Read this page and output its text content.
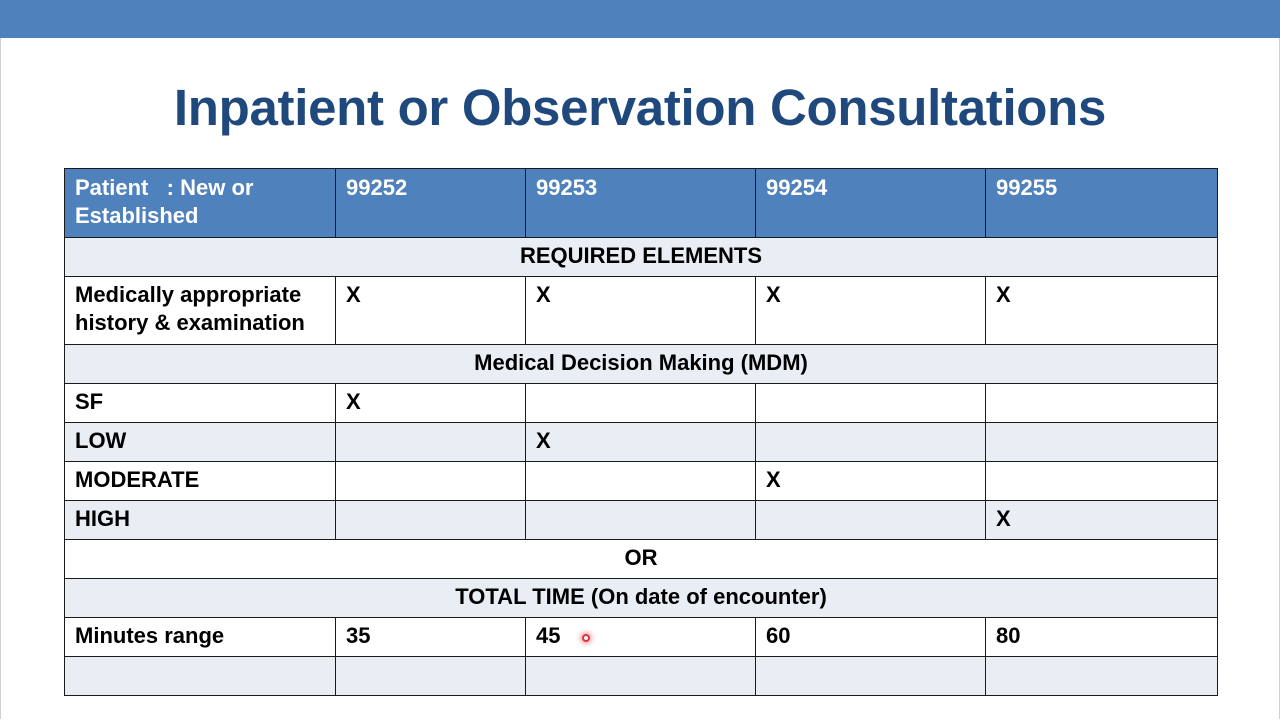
Inpatient or Observation Consultations
Patient   : New or Established	99252	99253	99254	99255
REQUIRED ELEMENTS				
Medically appropriate history & examination	X	X	X	X
Medical Decision Making (MDM)				
SF	X			
LOW		X		
MODERATE			X	
HIGH				X
OR				
TOTAL TIME (On date of encounter)				
Minutes range	35	45	60	80
